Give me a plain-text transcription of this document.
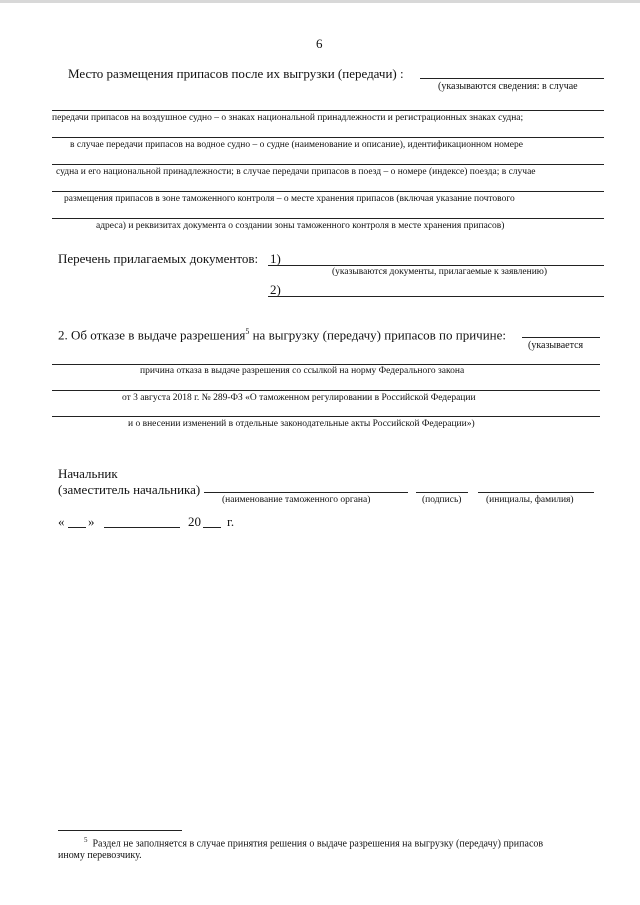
6
Место размещения припасов после их выгрузки (передачи) :
(указываются сведения: в случае
передачи припасов на воздушное судно – о знаках национальной принадлежности и регистрационных знаках судна;
в случае передачи припасов на водное судно – о судне (наименование и описание), идентификационном номере
судна и его национальной принадлежности; в случае передачи припасов в поезд – о номере (индексе) поезда; в случае
размещения припасов в зоне таможенного контроля – о месте хранения припасов (включая указание почтового
адреса) и реквизитах документа о создании зоны таможенного контроля в месте хранения припасов)
Перечень прилагаемых документов: 1)
(указываются документы, прилагаемые к заявлению)
2)
2. Об отказе в выдаче разрешения$^5$ на выгрузку (передачу) припасов по причине:
(указывается
причина отказа в выдаче разрешения со ссылкой на норму Федерального закона
от 3 августа 2018 г. № 289-ФЗ «О таможенном регулировании в Российской Федерации
и о внесении изменений в отдельные законодательные акты Российской Федерации»)
Начальник
(заместитель начальника)
(наименование таможенного органа)	(подпись)	(инициалы, фамилия)
« »	20 г.
$^5$ Раздел не заполняется в случае принятия решения о выдаче разрешения на выгрузку (передачу) припасов
иному перевозчику.
